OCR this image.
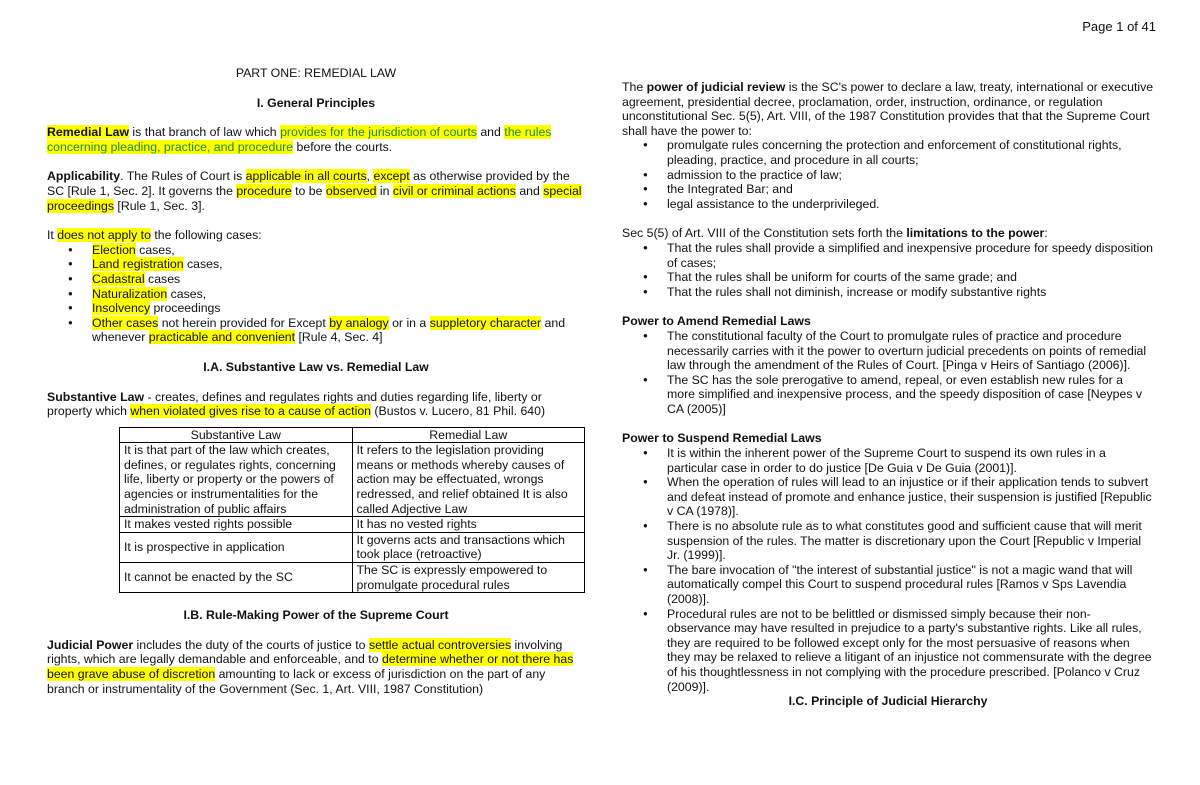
Page 1 of 41

PART ONE: REMEDIAL LAW

I. General Principles

Remedial Law is that branch of law which provides for the jurisdiction of courts and the rules concerning pleading, practice, and procedure before the courts.

Applicability. The Rules of Court is applicable in all courts, except as otherwise provided by the SC [Rule 1, Sec. 2]. It governs the procedure to be observed in civil or criminal actions and special proceedings [Rule 1, Sec. 3].

It does not apply to the following cases:

● Election cases,
● Land registration cases,
● Cadastral cases
● Naturalization cases,
● Insolvency proceedings
● Other cases not herein provided for Except by analogy or in a suppletory character and whenever practicable and convenient [Rule 4, Sec. 4]

I.A. Substantive Law vs. Remedial Law

Substantive Law - creates, defines and regulates rights and duties regarding life, liberty or property which when violated gives rise to a cause of action (Bustos v. Lucero, 81 Phil. 640)

Substantive Law	Remedial Law
It is that part of the law which creates, defines, or regulates rights, concerning life, liberty or property or the powers of agencies or instrumentalities for the administration of public affairs	It refers to the legislation providing means or methods whereby causes of action may be effectuated, wrongs redressed, and relief obtained It is also called Adjective Law
It makes vested rights possible	It has no vested rights
It is prospective in application	It governs acts and transactions which took place (retroactive)
It cannot be enacted by the SC	The SC is expressly empowered to promulgate procedural rules

I.B. Rule-Making Power of the Supreme Court

Judicial Power includes the duty of the courts of justice to settle actual controversies involving rights, which are legally demandable and enforceable, and to determine whether or not there has been grave abuse of discretion amounting to lack or excess of jurisdiction on the part of any branch or instrumentality of the Government (Sec. 1, Art. VIII, 1987 Constitution)

The power of judicial review is the SC's power to declare a law, treaty, international or executive agreement, presidential decree, proclamation, order, instruction, ordinance, or regulation unconstitutional Sec. 5(5), Art. VIII, of the 1987 Constitution provides that that the Supreme Court shall have the power to:

● promulgate rules concerning the protection and enforcement of constitutional rights, pleading, practice, and procedure in all courts;
● admission to the practice of law;
● the Integrated Bar; and
● legal assistance to the underprivileged.

Sec 5(5) of Art. VIII of the Constitution sets forth the limitations to the power:

● That the rules shall provide a simplified and inexpensive procedure for speedy disposition of cases;
● That the rules shall be uniform for courts of the same grade; and
● That the rules shall not diminish, increase or modify substantive rights

Power to Amend Remedial Laws

● The constitutional faculty of the Court to promulgate rules of practice and procedure necessarily carries with it the power to overturn judicial precedents on points of remedial law through the amendment of the Rules of Court. [Pinga v Heirs of Santiago (2006)].
● The SC has the sole prerogative to amend, repeal, or even establish new rules for a more simplified and inexpensive process, and the speedy disposition of case [Neypes v CA (2005)]

Power to Suspend Remedial Laws

● It is within the inherent power of the Supreme Court to suspend its own rules in a particular case in order to do justice [De Guia v De Guia (2001)].
● When the operation of rules will lead to an injustice or if their application tends to subvert and defeat instead of promote and enhance justice, their suspension is justified [Republic v CA (1978)].
● There is no absolute rule as to what constitutes good and sufficient cause that will merit suspension of the rules. The matter is discretionary upon the Court [Republic v Imperial Jr. (1999)].
● The bare invocation of "the interest of substantial justice" is not a magic wand that will automatically compel this Court to suspend procedural rules [Ramos v Sps Lavendia (2008)].
● Procedural rules are not to be belittled or dismissed simply because their non-observance may have resulted in prejudice to a party's substantive rights. Like all rules, they are required to be followed except only for the most persuasive of reasons when they may be relaxed to relieve a litigant of an injustice not commensurate with the degree of his thoughtlessness in not complying with the procedure prescribed. [Polanco v Cruz (2009)].

I.C. Principle of Judicial Hierarchy
